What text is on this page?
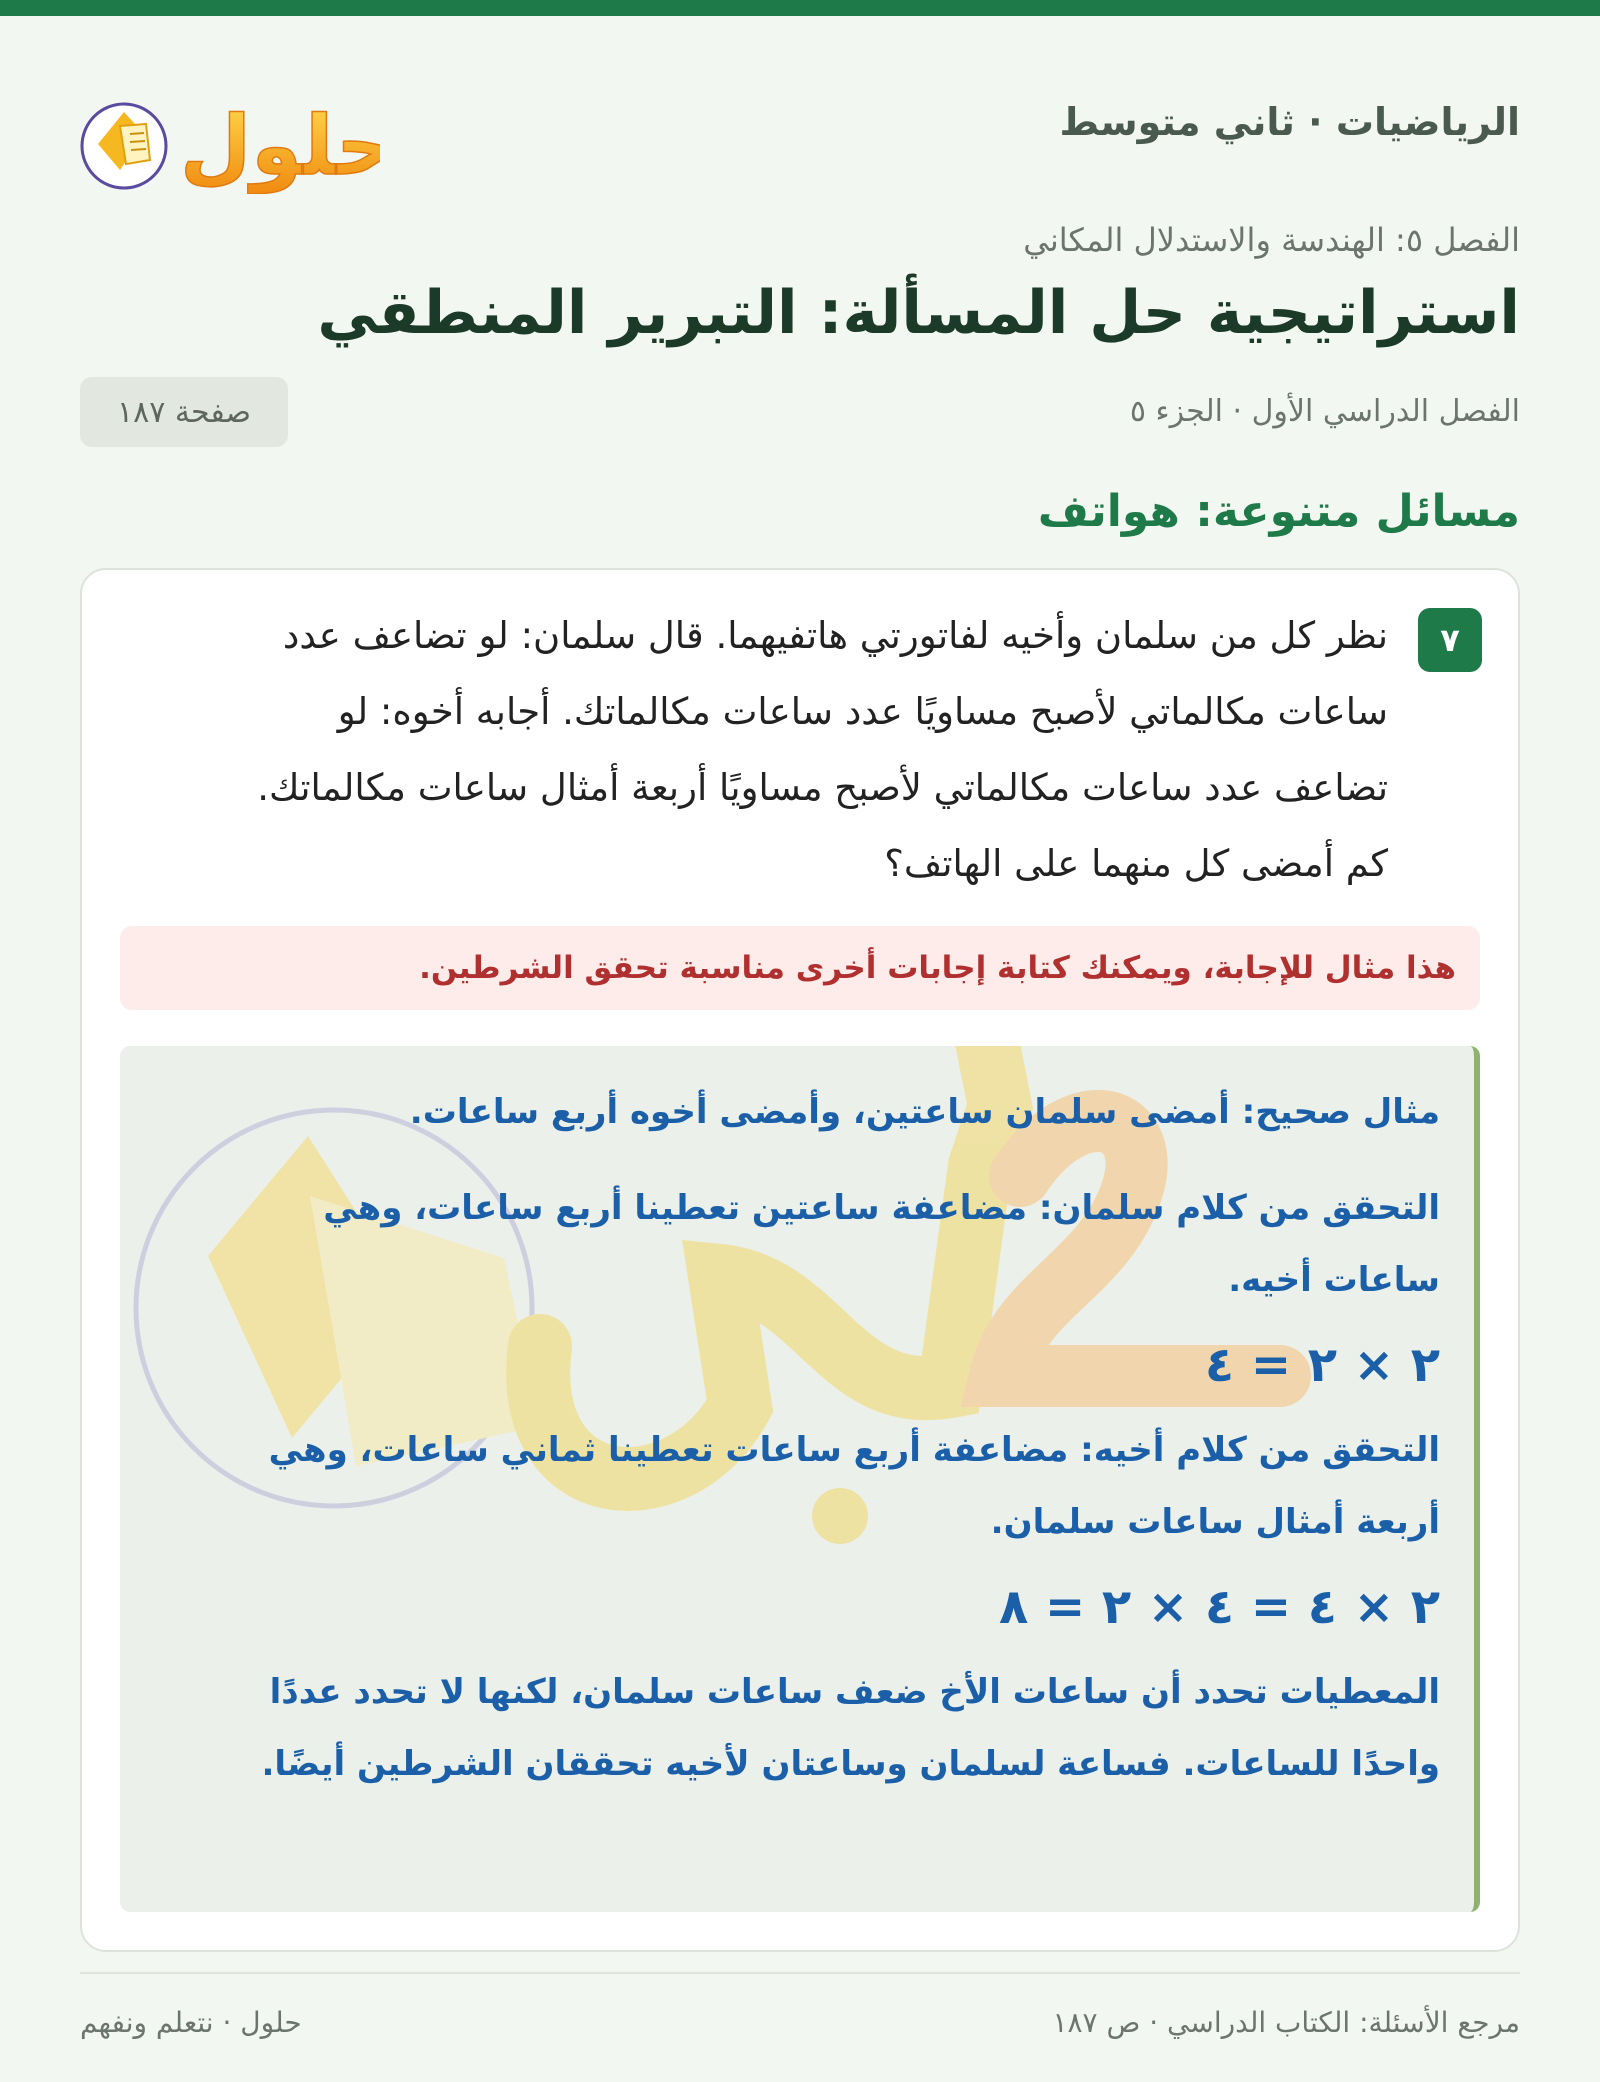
الرياضيات · ثاني متوسط
حلول
الفصل ٥: الهندسة والاستدلال المكاني
استراتيجية حل المسألة: التبرير المنطقي
الفصل الدراسي الأول · الجزء ٥
صفحة ١٨٧
مسائل متنوعة: هواتف
٧
نظر كل من سلمان وأخيه لفاتورتي هاتفيهما. قال سلمان: لو تضاعف عدد
ساعات مكالماتي لأصبح مساويًا عدد ساعات مكالماتك. أجابه أخوه: لو
تضاعف عدد ساعات مكالماتي لأصبح مساويًا أربعة أمثال ساعات مكالماتك.
كم أمضى كل منهما على الهاتف؟
هذا مثال للإجابة، ويمكنك كتابة إجابات أخرى مناسبة تحقق الشرطين.
مثال صحيح: أمضى سلمان ساعتين، وأمضى أخوه أربع ساعات.
التحقق من كلام سلمان: مضاعفة ساعتين تعطينا أربع ساعات، وهي
ساعات أخيه.
٢ × ٢ = ٤
التحقق من كلام أخيه: مضاعفة أربع ساعات تعطينا ثماني ساعات، وهي
أربعة أمثال ساعات سلمان.
٢ × ٤ = ٤ × ٢ = ٨
المعطيات تحدد أن ساعات الأخ ضعف ساعات سلمان، لكنها لا تحدد عددًا
واحدًا للساعات. فساعة لسلمان وساعتان لأخيه تحققان الشرطين أيضًا.
مرجع الأسئلة: الكتاب الدراسي · ص ١٨٧
حلول · نتعلم ونفهم
